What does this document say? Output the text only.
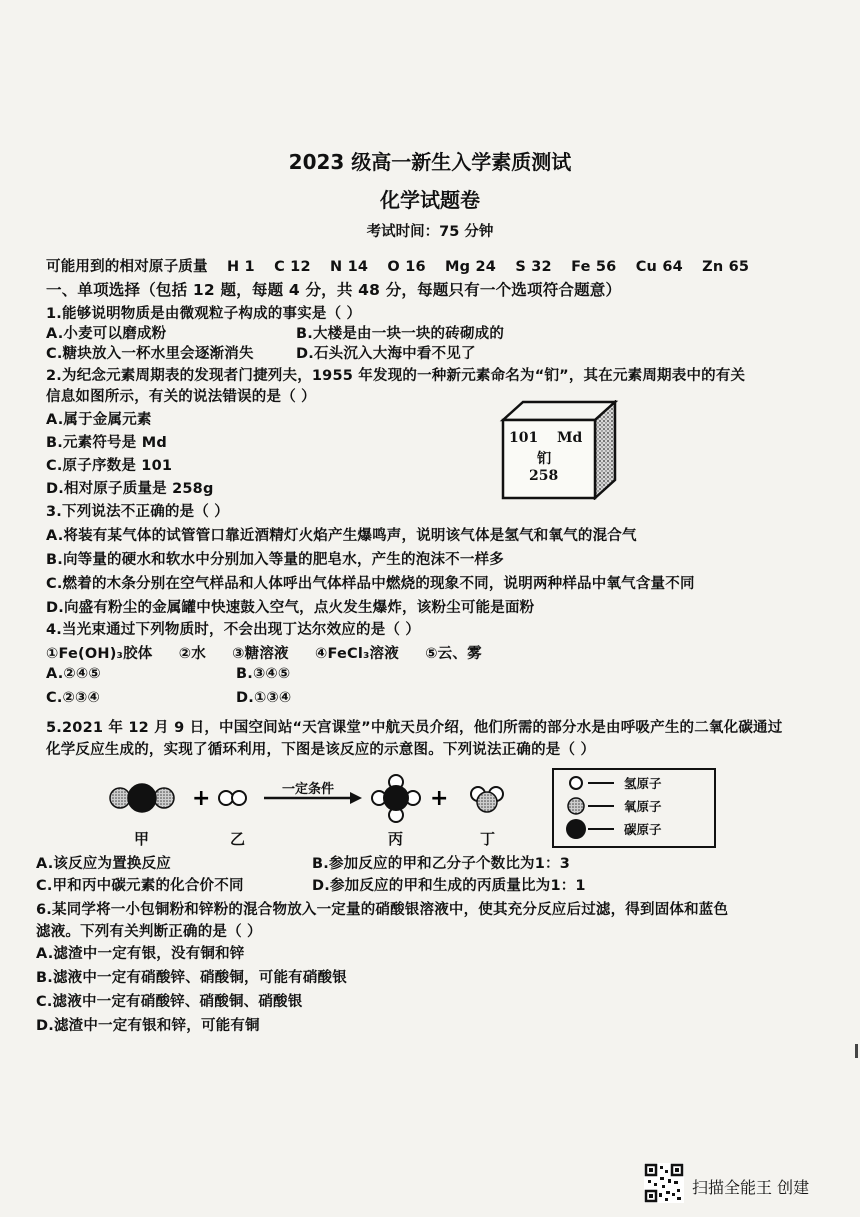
2023 级高一新生入学素质测试
化学试题卷
考试时间：75 分钟
可能用到的相对原子质量 H 1 C 12 N 14 O 16 Mg 24 S 32 Fe 56 Cu 64 Zn 65
一、单项选择（包括 12 题，每题 4 分，共 48 分，每题只有一个选项符合题意）
1.能够说明物质是由微观粒子构成的事实是（ ）
A.小麦可以磨成粉	B.大楼是由一块一块的砖砌成的
C.糖块放入一杯水里会逐渐消失	D.石头沉入大海中看不见了
2.为纪念元素周期表的发现者门捷列夫，1955 年发现的一种新元素命名为“钔”，其在元素周期表中的有关
信息如图所示，有关的说法错误的是（ ）
A.属于金属元素
B.元素符号是 Md
C.原子序数是 101
D.相对原子质量是 258g
101 Md
钔
258
3.下列说法不正确的是（ ）
A.将装有某气体的试管管口靠近酒精灯火焰产生爆鸣声，说明该气体是氢气和氧气的混合气
B.向等量的硬水和软水中分别加入等量的肥皂水，产生的泡沫不一样多
C.燃着的木条分别在空气样品和人体呼出气体样品中燃烧的现象不同，说明两种样品中氧气含量不同
D.向盛有粉尘的金属罐中快速鼓入空气，点火发生爆炸，该粉尘可能是面粉
4.当光束通过下列物质时，不会出现丁达尔效应的是（ ）
①Fe(OH)₃胶体     ②水     ③糖溶液     ④FeCl₃溶液     ⑤云、雾
A.②④⑤	B.③④⑤
C.②③④	D.①③④
5.2021 年 12 月 9 日，中国空间站“天宫课堂”中航天员介绍，他们所需的部分水是由呼吸产生的二氧化碳通过
化学反应生成的，实现了循环利用，下图是该反应的示意图。下列说法正确的是（ ）
+	+
一定条件
甲	乙	丙	丁
氢原子
氧原子
碳原子
A.该反应为置换反应	B.参加反应的甲和乙分子个数比为1：3
C.甲和丙中碳元素的化合价不同	D.参加反应的甲和生成的丙质量比为1：1
6.某同学将一小包铜粉和锌粉的混合物放入一定量的硝酸银溶液中，使其充分反应后过滤，得到固体和蓝色
滤液。下列有关判断正确的是（ ）
A.滤渣中一定有银，没有铜和锌
B.滤液中一定有硝酸锌、硝酸铜，可能有硝酸银
C.滤液中一定有硝酸锌、硝酸铜、硝酸银
D.滤渣中一定有银和锌，可能有铜
扫描全能王 创建
